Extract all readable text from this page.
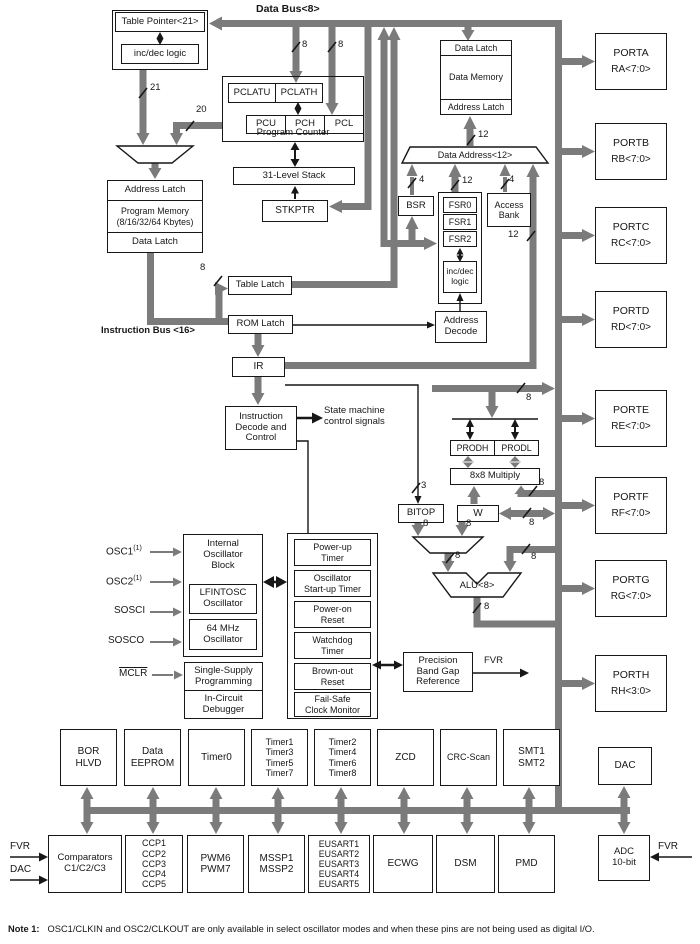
Data Bus<8>
Table Pointer<21>
inc/dec logic
PCLATU	PCLATH
PCU	PCH	PCL
Program Counter
31-Level Stack
STKPTR
Address Latch
Program Memory
(8/16/32/64 Kbytes)
Data Latch
Table Latch
ROM Latch
Instruction Bus <16>
IR
Instruction
Decode and
Control
State machine
control signals
Data Latch
Data Memory
Address Latch
Data Address<12>
BSR	FSR0
FSR1
FSR2
inc/dec
logic
Access
Bank
Address
Decode
PRODH	PRODL
8x8 Multiply
BITOP	W
ALU<8>
Internal
Oscillator
Block
LFINTOSC
Oscillator
64 MHz
Oscillator
Single-Supply
Programming
In-Circuit
Debugger
Power-up
Timer
Oscillator
Start-up Timer
Power-on
Reset
Watchdog
Timer
Brown-out
Reset
Fail-Safe
Clock Monitor
Precision
Band Gap
Reference
FVR
PORTA
RA<7:0>
PORTB
RB<7:0>
PORTC
RC<7:0>
PORTD
RD<7:0>
PORTE
RE<7:0>
PORTF
RF<7:0>
PORTG
RG<7:0>
PORTH
RH<3:0>
BOR
HLVD
Data
EEPROM
Timer0
Timer1
Timer3
Timer5
Timer7
Timer2
Timer4
Timer6
Timer8
ZCD	CRC-Scan
SMT1
SMT2	DAC
Comparators
C1/C2/C3
CCP1
CCP2
CCP3
C​CP4
CCP5
PWM6
PWM7
MSSP1
MSSP2
EUSART1
EUSART2
EUSART3
EUSART4
EUSART5
ECWG	DSM	PMD
ADC
10-bit
OSC1$^{(1)}$
OSC2$^{(1)}$
SOSCI
SOSCO
MCLR
FVR
DAC
FVR
21
20
8	8
8
12
4	12	4
12
8
8
8
8	8
8	8
8
3
Note 1: OSC1/CLKIN and OSC2/CLKOUT are only available in select oscillator modes and when these pins are not being used as digital I/O.
